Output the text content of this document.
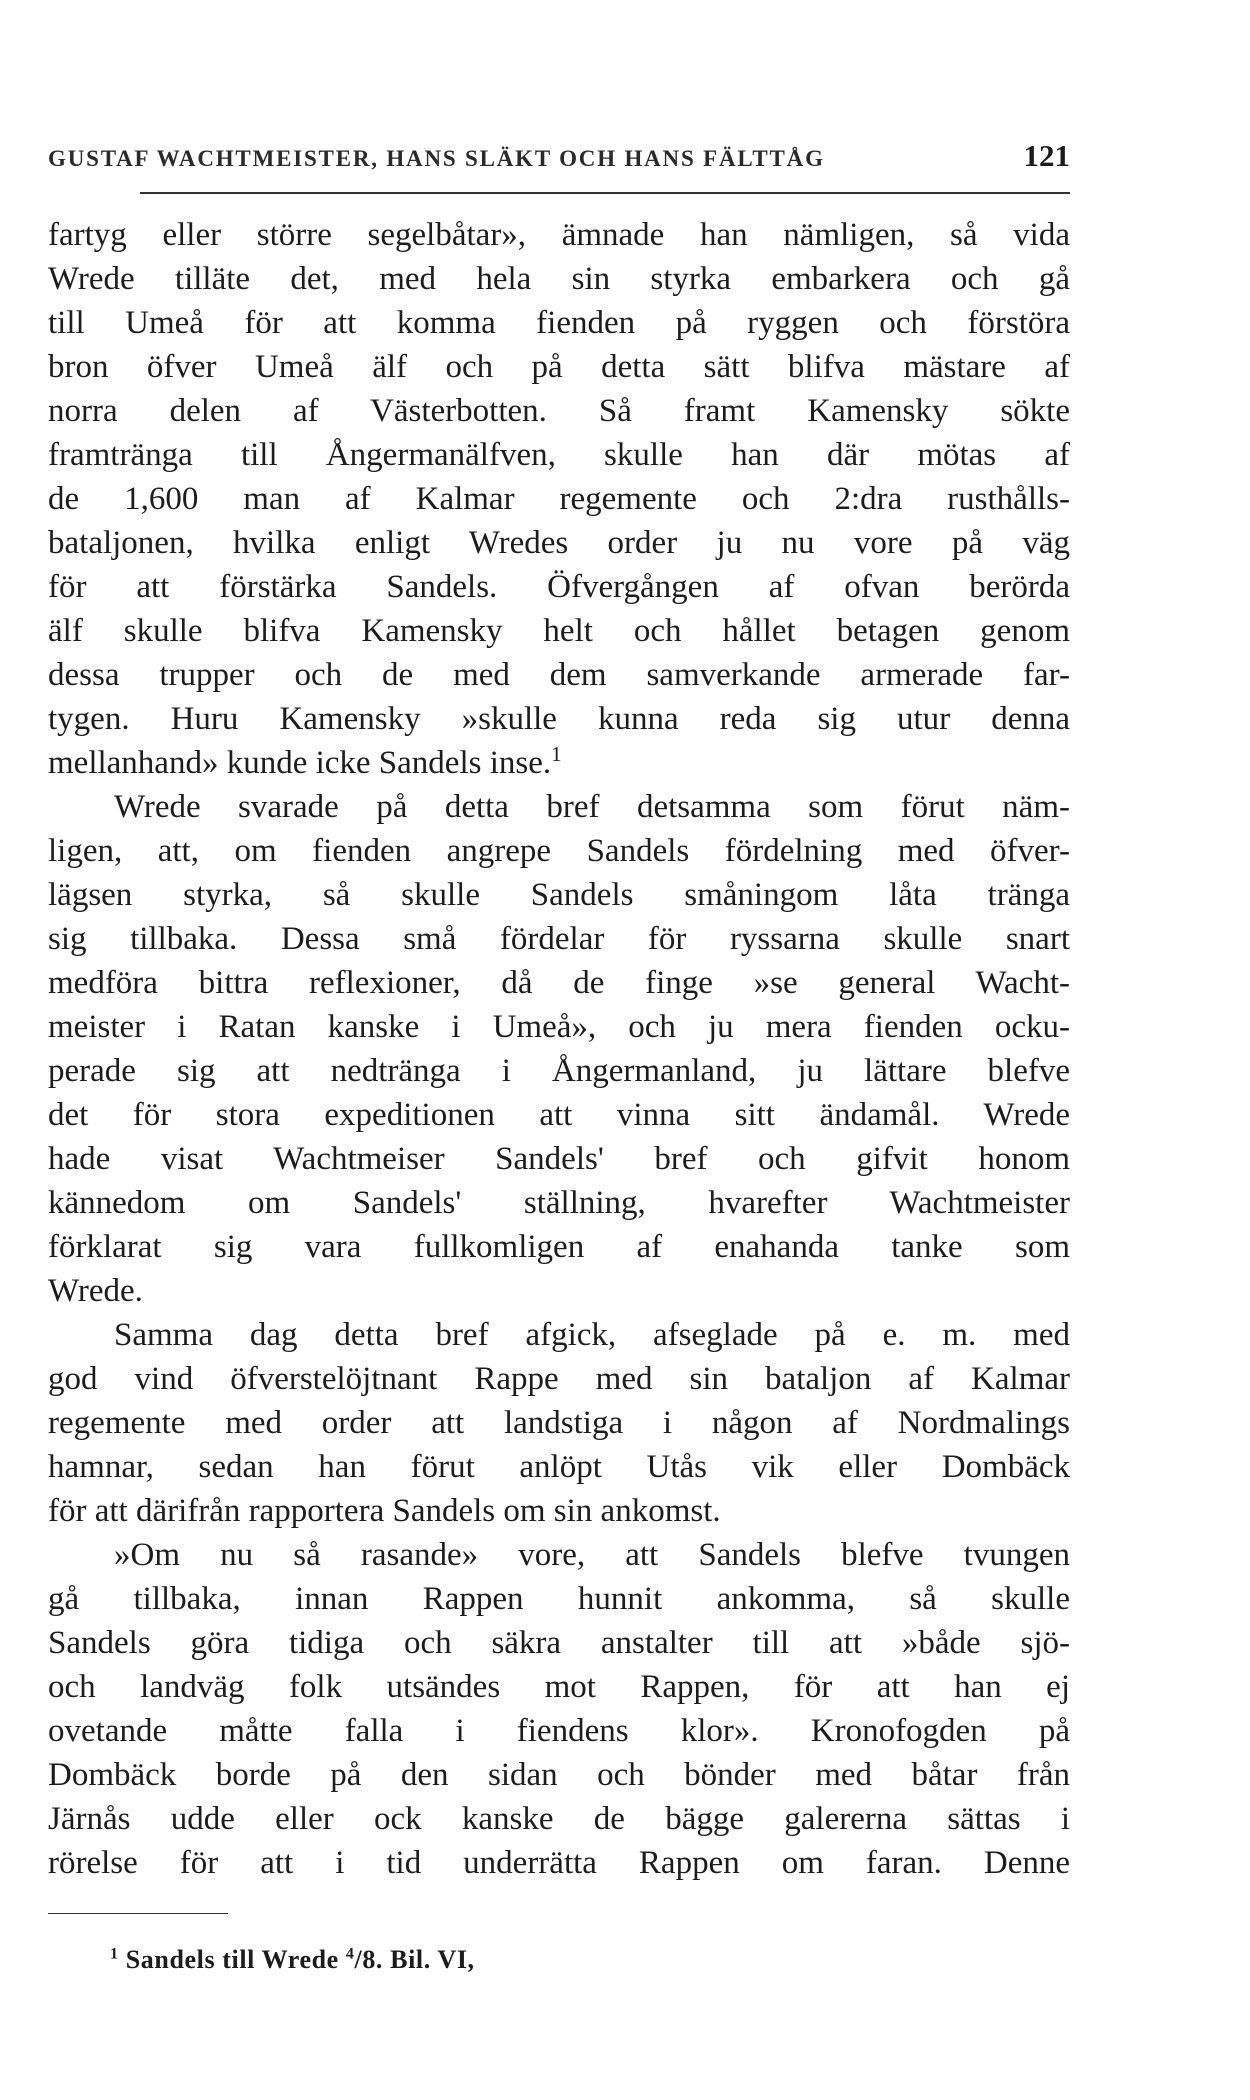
GUSTAF WACHTMEISTER, HANS SLÄKT OCH HANS FÄLTTÅG	121
fartyg eller större segelbåtar», ämnade han nämligen, så vida
Wrede tilläte det, med hela sin styrka embarkera och gå
till Umeå för att komma fienden på ryggen och förstöra
bron öfver Umeå älf och på detta sätt blifva mästare af
norra delen af Västerbotten. Så framt Kamensky sökte
framtränga till Ångermanälfven, skulle han där mötas af
de 1,600 man af Kalmar regemente och 2:dra rusthålls-
bataljonen, hvilka enligt Wredes order ju nu vore på väg
för att förstärka Sandels. Öfvergången af ofvan berörda
älf skulle blifva Kamensky helt och hållet betagen genom
dessa trupper och de med dem samverkande armerade far-
tygen. Huru Kamensky »skulle kunna reda sig utur denna
mellanhand» kunde icke Sandels inse.$^1$
Wrede svarade på detta bref detsamma som förut näm-
ligen, att, om fienden angrepe Sandels fördelning med öfver-
lägsen styrka, så skulle Sandels småningom låta tränga
sig tillbaka. Dessa små fördelar för ryssarna skulle snart
medföra bittra reflexioner, då de finge »se general Wacht-
meister i Ratan kanske i Umeå», och ju mera fienden ocku-
perade sig att nedtränga i Ångermanland, ju lättare blefve
det för stora expeditionen att vinna sitt ändamål. Wrede
hade visat Wachtmeiser Sandels' bref och gifvit honom
kännedom om Sandels' ställning, hvarefter Wachtmeister
förklarat sig vara fullkomligen af enahanda tanke som
Wrede.
Samma dag detta bref afgick, afseglade på e. m. med
god vind öfverstelöjtnant Rappe med sin bataljon af Kalmar
regemente med order att landstiga i någon af Nordmalings
hamnar, sedan han förut anlöpt Utås vik eller Dombäck
för att därifrån rapportera Sandels om sin ankomst.
»Om nu så rasande» vore, att Sandels blefve tvungen
gå tillbaka, innan Rappen hunnit ankomma, så skulle
Sandels göra tidiga och säkra anstalter till att »både sjö-
och landväg folk utsändes mot Rappen, för att han ej
ovetande måtte falla i fiendens klor». Kronofogden på
Dombäck borde på den sidan och bönder med båtar från
Järnås udde eller ock kanske de bägge galererna sättas i
rörelse för att i tid underrätta Rappen om faran. Denne
$^1$ Sandels till Wrede $^4$/8. Bil. VI,
